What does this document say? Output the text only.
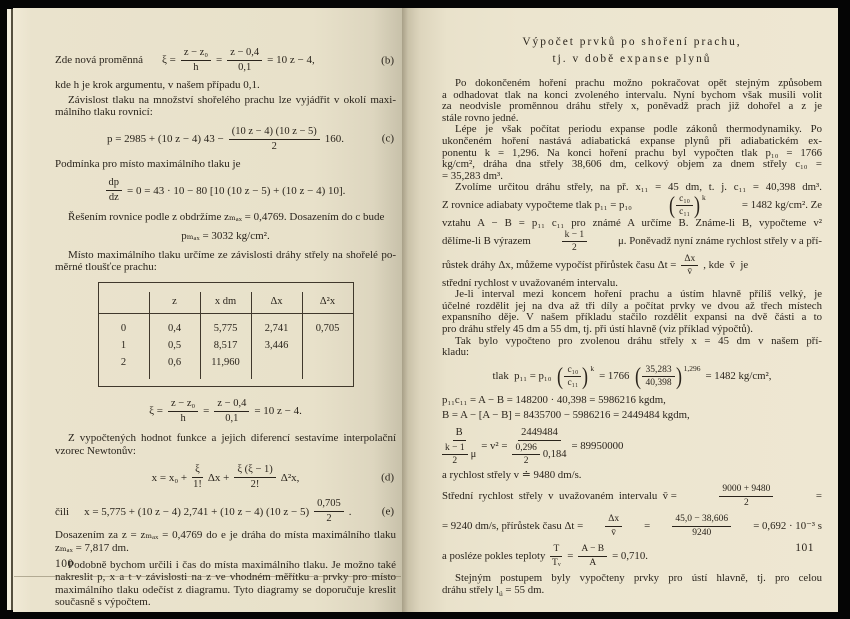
Zde nová proměnná $\xi = \frac{\text{z − z₀}}{h} = \frac{z - 0,4}{0,1} = 10$ z − 4,	(b)
kde h je krok argumentu, v našem případu 0,1.
Závislost tlaku na množství shořelého prachu lze vyjádřit v okolí maxi-
málního tlaku rovnicí:
p = 2985 + (10 z − 4) $43 - \frac{(10 z - 4) (10 z - 5)}{2} 160$.	(c)
Podmínka pro místo maximálního tlaku je
$\frac{dp}{dz} = 0 = 43 \cdot 10 - 80$ [10 (10 z − 5) + (10 z − 4) 10].
Řešením rovnice podle z obdržíme zₘₐₓ = 0,4769. Dosazením do c bude
pₘₐₓ = 3032 kg/cm².
Místo maximálního tlaku určíme ze závislosti dráhy střely na shořelé po-
měrné tloušťce prachu:
	z	x dm	Δx	Δ²x
0	0,4	5,775	2,741	0,705
1	0,5	8,517	3,446	
2	0,6	11,960		
$\xi = \frac{\text{z − z₀}}{h} = \frac{z - 0,4}{0,1} = 10$ z − 4.
Z vypočtených hodnot funkce a jejich diferencí sestavíme interpolační
vzorec Newtonův:
$x = x_0 + \frac{\xi}{1!}$ $\Delta x + \frac{\xi (\xi - 1)}{2!} \Delta^2x$,	(d)
čili x = 5,775 + (10 z − 4) 2,741 + (10 z − 4) (10 $z - 5) \frac{0,705}{2}$ .	(e)
Dosazením za z = zₘₐₓ = 0,4769 do e je dráha do místa maximálního tlaku
zₘₐₓ = 7,817 dm.
Podobně bychom určili i čas do místa maximálního tlaku. Je možno také
nakreslit p, x a t v závislosti na z ve vhodném měřítku a prvky pro místo
maximálního tlaku odečíst z diagramu. Tyto diagramy se doporučuje kreslit
současně s výpočtem.
100
Výpočet prvků po shoření prachu,
tj. v době expanse plynů
Po dokončeném hoření prachu možno pokračovat opět stejným způsobem
a odhadovat tlak na konci zvoleného intervalu. Nyní bychom však musili volit
za neodvisle proměnnou dráhu střely x, poněvadž prach již dohořel a z je
stále rovno jedné.
Lépe je však počítat periodu expanse podle zákonů thermodynamiky. Po
ukončeném hoření nastává adiabatická expanse plynů při adiabatickém ex-
ponentu k = 1,296. Na konci hoření prachu byl vypočten tlak p₁₀ = 1766
kg/cm², dráha dna střely 38,606 dm, celkový objem za dnem střely c₁₀ =
= 35,283 dm³.
Zvolíme určitou dráhu střely, na př. x₁₁ = 45 dm, t. j. c₁₁ = 40,398 dm³.
Z rovnice adiabaty vypočteme tlak p₁₁ = p₁₀ ( $\frac{\text{c₁₀}}{\text{c₁₁}}$ ) $^k$
= 1482 kg/cm². Ze
vztahu A − B = p₁₁ c₁₁ pro známé A určíme B. Známe-li B, vypočteme v²
dělíme-li B výrazem	$\frac{k - 1}{2}$	μ. Poněvadž nyní známe rychlost střely v a pří-
růstek dráhy Δx, můžeme vypočíst přírůstek času $\Delta t = \frac{\Delta x}{v̄}$ , kde  v̄  je
střední rychlost v uvažovaném intervalu.
Je-li interval mezi koncem hoření prachu a ústím hlavně příliš velký, je
účelné rozdělit jej na dva až tři díly a počítat prvky ve dvou až třech místech
expansního děje. V našem příkladu stačilo rozdělit expansi na dvě části a to
pro dráhu střely 45 dm a 55 dm, tj. při ústí hlavně (viz příklad výpočtů).
Tak bylo vypočteno pro zvolenou dráhu střely x = 45 dm v našem pří-
kladu:
tlak  p₁₁ = p₁₀ ( $\frac{\text{c₁₀}}{\text{c₁₁}}$ ) $^k$
= 1766 ( $\frac{35,283}{40,398}$ ) $^{1,296}$
= 1482 kg/cm²,
p₁₁c₁₁ = A − B = 148200 · 40,398 = 5986216 kgdm,
B = A − [A − B] = 8435700 − 5986216 = 2449484 kgdm,
$\frac{B}{\frac{k - 1}{2} \mu} = v^2 = \frac{2449484}{\frac{0,296}{2} 0,184} = 89950000$
a rychlost střely v ≐ 9480 dm/s.
Střední  rychlost  střely  v  uvažovaném  intervalu  v̄ =	$\frac{9000 + 9480}{2}$	=
= 9240 dm/s, přírůstek času $\Delta t = \frac{\Delta x}{v̄} = \frac{45,0 - 38,606}{9240} = 0,692 \cdot 10^{-3}$ s
a posléze pokles teploty $\frac{T}{\text{Tᵥ}} = \frac{A - B}{A} = 0,710$.
Stejným postupem byly vypočteny prvky pro ústí hlavně, tj. pro celou
dráhu střely $l_ú = 55$ dm.
101
